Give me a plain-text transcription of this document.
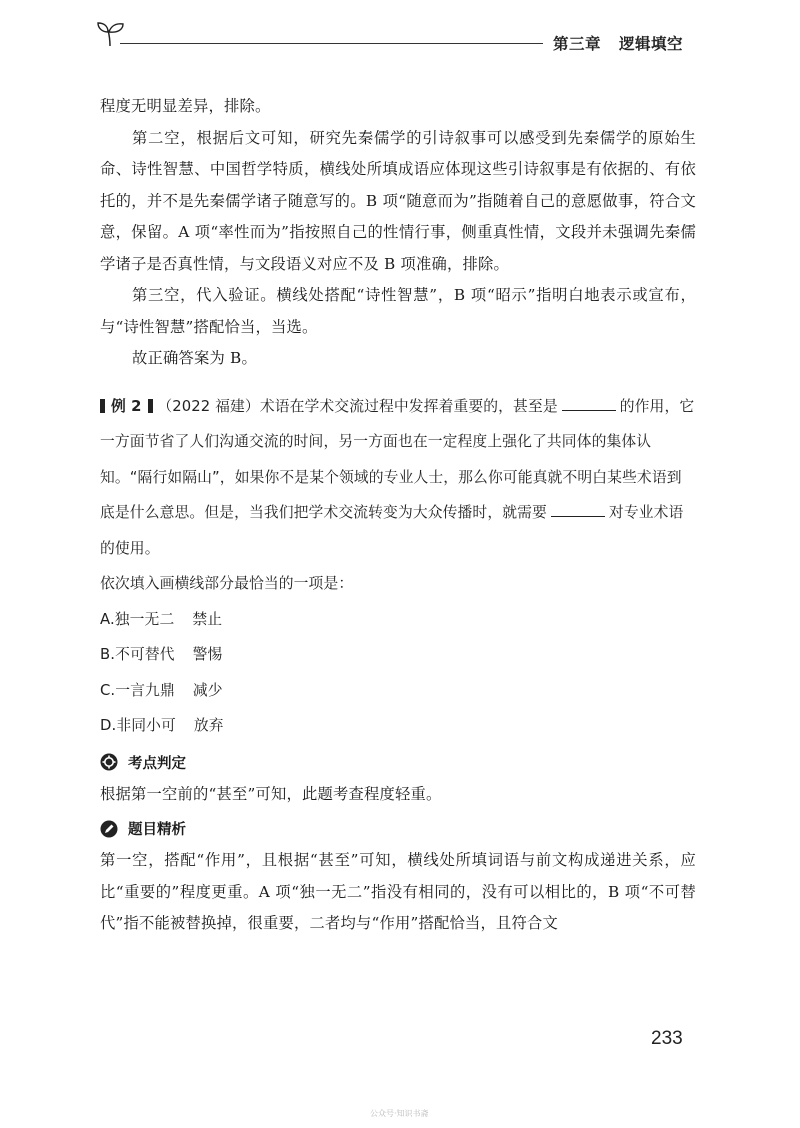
第三章 逻辑填空

程度无明显差异，排除。

第二空，根据后文可知，研究先秦儒学的引诗叙事可以感受到先秦儒学的原始生命、诗性智慧、中国哲学特质，横线处所填成语应体现这些引诗叙事是有依据的、有依托的，并不是先秦儒学诸子随意写的。B 项“随意而为”指随着自己的意愿做事，符合文意，保留。A 项“率性而为”指按照自己的性情行事，侧重真性情，文段并未强调先秦儒学诸子是否真性情，与文段语义对应不及 B 项准确，排除。

第三空，代入验证。横线处搭配“诗性智慧”，B 项“昭示”指明白地表示或宣布，与“诗性智慧”搭配恰当，当选。

故正确答案为 B。

例 2 （2022 福建）术语在学术交流过程中发挥着重要的，甚至是	的作用，它一方面节省了人们沟通交流的时间，另一方面也在一定程度上强化了共同体的集体认知。“隔行如隔山”，如果你不是某个领域的专业人士，那么你可能真就不明白某些术语到底是什么意思。但是，当我们把学术交流转变为大众传播时，就需要	对专业术语的使用。

依次填入画横线部分最恰当的一项是：

A.独一无二 禁止

B.不可替代 警惕

C.一言九鼎 减少

D.非同小可 放弃

考点判定

根据第一空前的“甚至”可知，此题考查程度轻重。

题目精析

第一空，搭配“作用”，且根据“甚至”可知，横线处所填词语与前文构成递进关系，应比“重要的”程度更重。A 项“独一无二”指没有相同的，没有可以相比的，B 项“不可替代”指不能被替换掉，很重要，二者均与“作用”搭配恰当，且符合文

233
公众号·知识书斋
